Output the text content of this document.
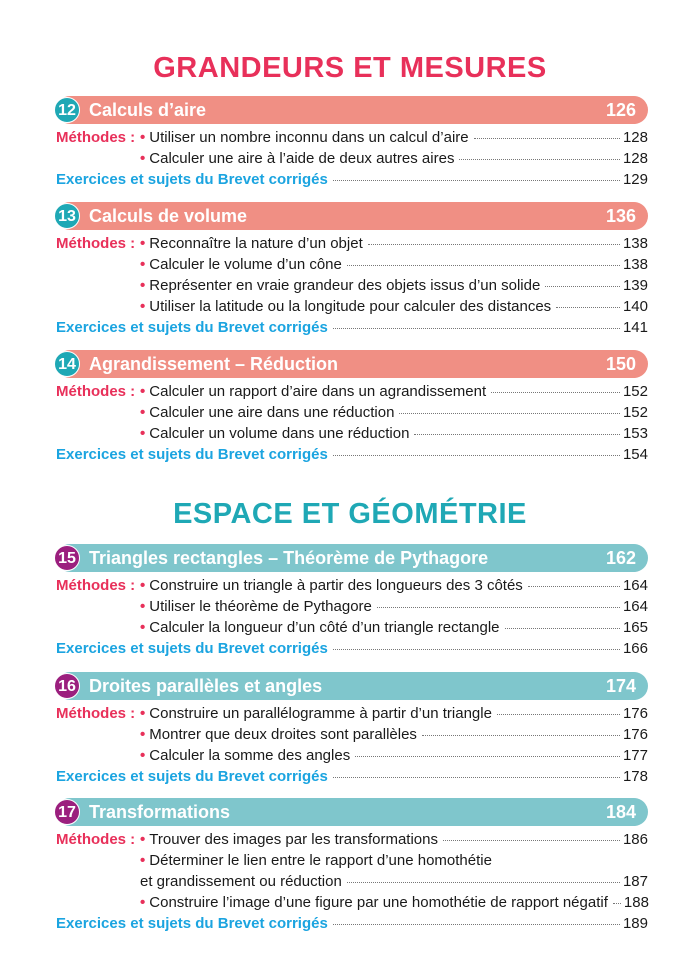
GRANDEURS ET MESURES
12 Calculs d’aire	126
Méthodes : • Utiliser un nombre inconnu dans un calcul d’aire	128
• Calculer une aire à l’aide de deux autres aires	128
Exercices et sujets du Brevet corrigés	129
13 Calculs de volume	136
Méthodes : • Reconnaître la nature d’un objet	138
• Calculer le volume d’un cône	138
• Représenter en vraie grandeur des objets issus d’un solide	139
• Utiliser la latitude ou la longitude pour calculer des distances	140
Exercices et sujets du Brevet corrigés	141
14 Agrandissement – Réduction	150
Méthodes : • Calculer un rapport d’aire dans un agrandissement	152
• Calculer une aire dans une réduction	152
• Calculer un volume dans une réduction	153
Exercices et sujets du Brevet corrigés	154
ESPACE ET GÉOMÉTRIE
15 Triangles rectangles – Théorème de Pythagore	162
Méthodes : • Construire un triangle à partir des longueurs des 3 côtés	164
• Utiliser le théorème de Pythagore	164
• Calculer la longueur d’un côté d’un triangle rectangle	165
Exercices et sujets du Brevet corrigés	166
16 Droites parallèles et angles	174
Méthodes : • Construire un parallélogramme à partir d’un triangle	176
• Montrer que deux droites sont parallèles	176
• Calculer la somme des angles	177
Exercices et sujets du Brevet corrigés	178
17 Transformations	184
Méthodes : • Trouver des images par les transformations	186
• Déterminer le lien entre le rapport d’une homothétie
et grandissement ou réduction	187
• Construire l’image d’une figure par une homothétie de rapport négatif 188
Exercices et sujets du Brevet corrigés	189
